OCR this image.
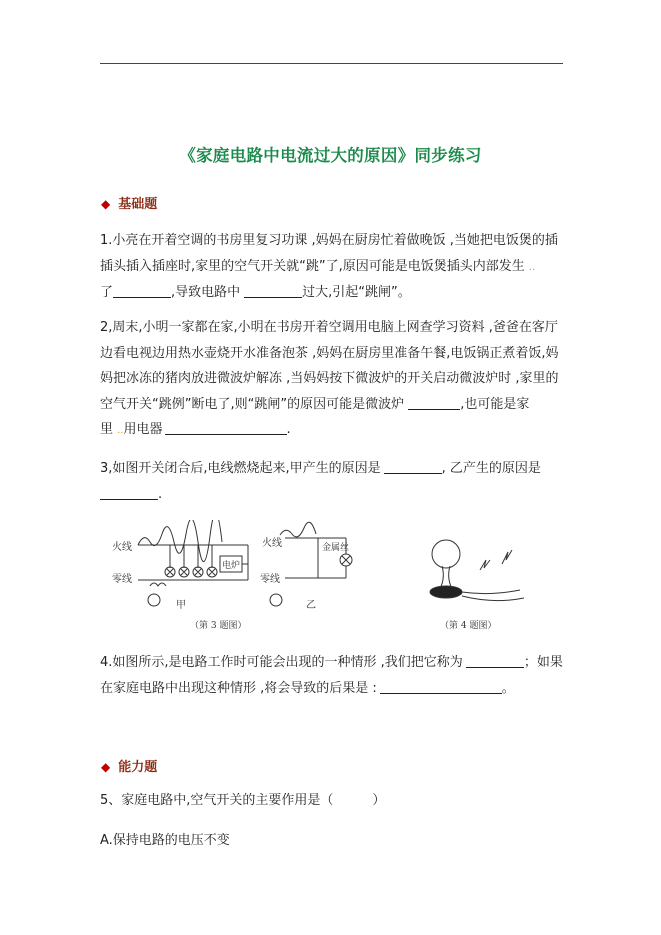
《家庭电路中电流过大的原因》同步练习
◆ 基础题
1.小亮在开着空调的书房里复习功课 ,妈妈在厨房忙着做晚饭 ,当她把电饭煲的插
插头插入插座时,家里的空气开关就“跳”了,原因可能是电饭煲插头内部发生 ..
了	,导致电路中	过大,引起“跳闸”。
2,周末,小明一家都在家,小明在书房开着空调用电脑上网查学习资料 ,爸爸在客厅
边看电视边用热水壶烧开水准备泡茶 ,妈妈在厨房里准备午餐,电饭锅正煮着饭,妈
妈把冰冻的猪肉放进微波炉解冻 ,当妈妈按下微波炉的开关启动微波炉时 ,家里的
空气开关“跳例”断电了,则“跳闸”的原因可能是微波炉	,也可能是家
里 ..用电器	.
3,如图开关闭合后,电线燃烧起来,甲产生的原因是	, 乙产生的原因是
.
火线
零线
电炉
甲
火线
零线
金属丝
乙
（第 3 题图）	（第 4 题图）
4.如图所示,是电路工作时可能会出现的一种情形 ,我们把它称为	；如果
在家庭电路中出现这种情形 ,将会导致的后果是 :	。
◆ 能力题
5、家庭电路中,空气开关的主要作用是（　　　）
A.保持电路的电压不变
